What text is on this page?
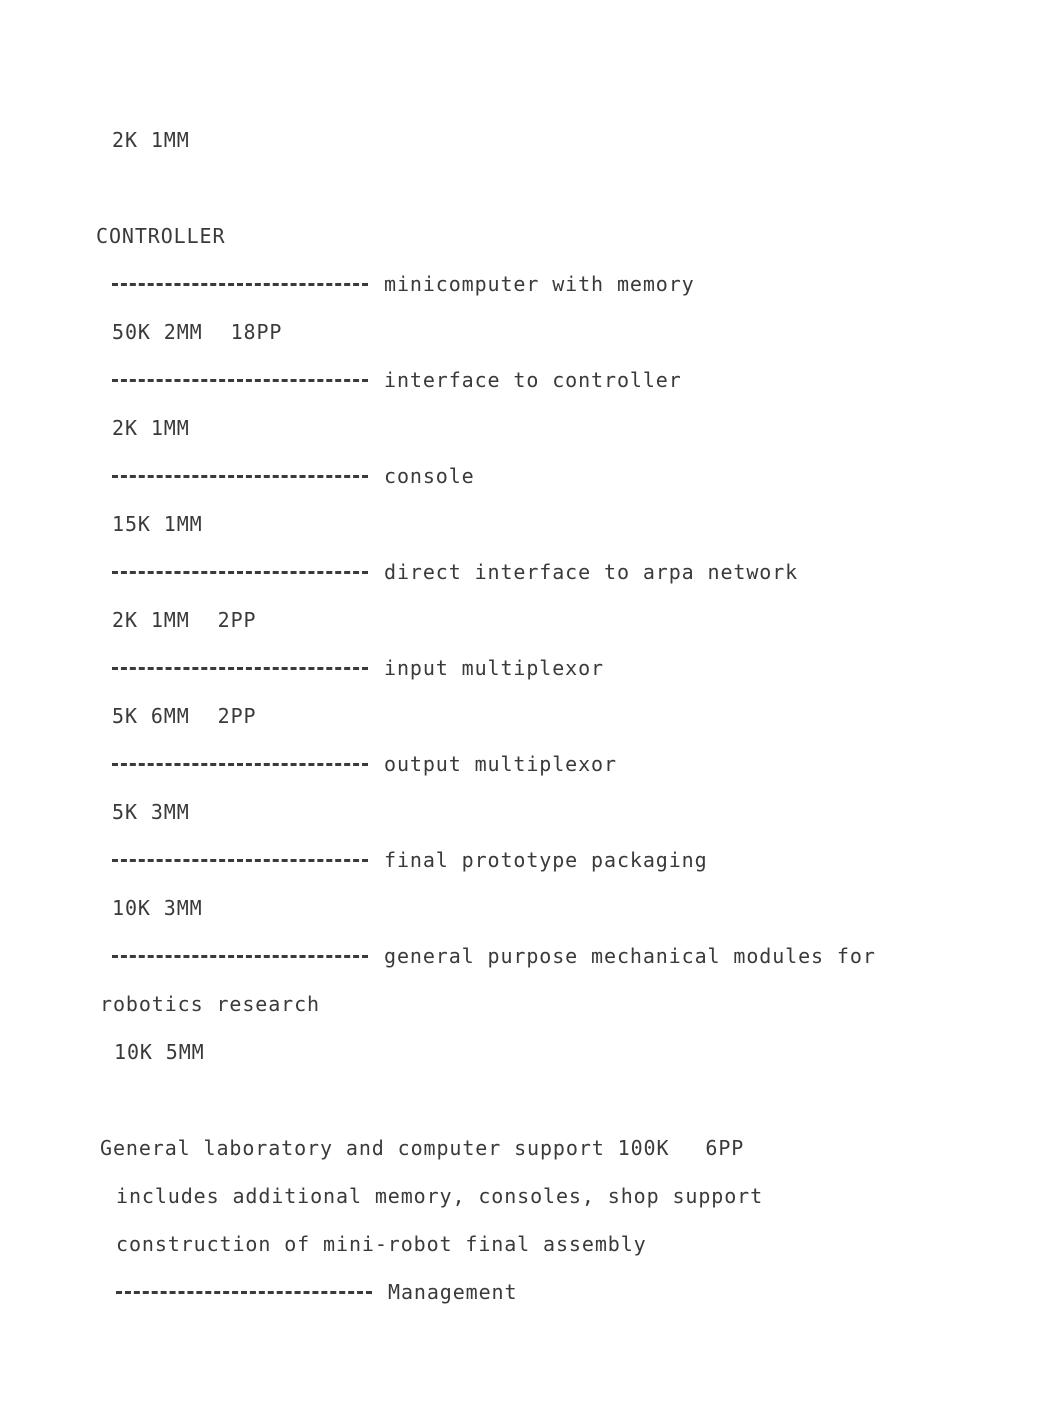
2K 1MM
CONTROLLER
minicomputer with memory
50K 2MM 18PP
interface to controller
2K 1MM
console
15K 1MM
direct interface to arpa network
2K 1MM 2PP
input multiplexor
5K 6MM 2PP
output multiplexor
5K 3MM
final prototype packaging
10K 3MM
general purpose mechanical modules for
robotics research
10K 5MM
General laboratory and computer support 100K 6PP
includes additional memory, consoles, shop support
construction of mini-robot final assembly
Management
